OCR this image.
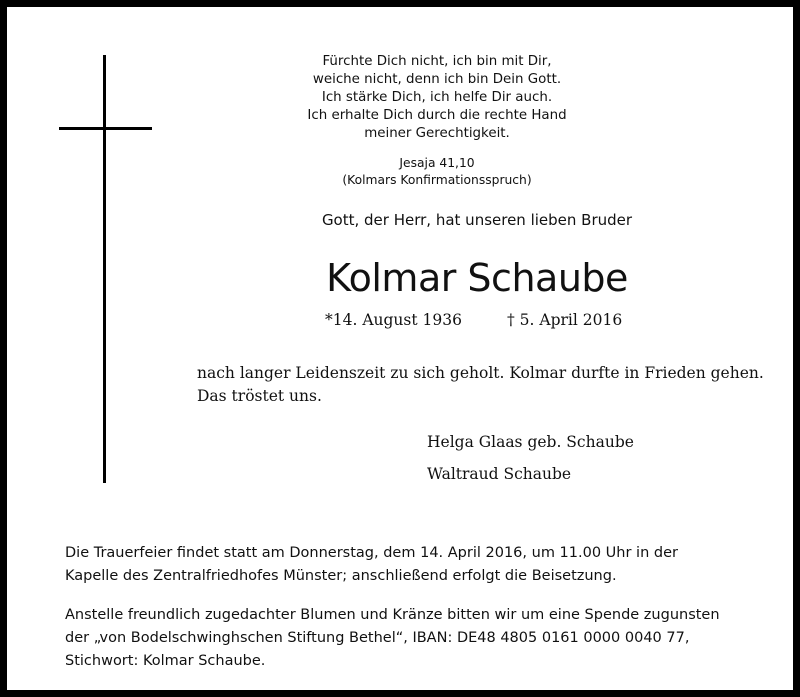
Fürchte Dich nicht, ich bin mit Dir,
weiche nicht, denn ich bin Dein Gott.
Ich stärke Dich, ich helfe Dir auch.
Ich erhalte Dich durch die rechte Hand
meiner Gerechtigkeit.
Jesaja 41,10
(Kolmars Konfirmationsspruch)
Gott, der Herr, hat unseren lieben Bruder
Kolmar Schaube
*14. August 1936	† 5. April 2016
nach langer Leidenszeit zu sich geholt. Kolmar durfte in Frieden gehen.
Das tröstet uns.
Helga Glaas geb. Schaube
Waltraud Schaube
Die Trauerfeier findet statt am Donnerstag, dem 14. April 2016, um 11.00 Uhr in der
Kapelle des Zentralfriedhofes Münster; anschließend erfolgt die Beisetzung.
Anstelle freundlich zugedachter Blumen und Kränze bitten wir um eine Spende zugunsten
der „von Bodelschwinghschen Stiftung Bethel“, IBAN: DE48 4805 0161 0000 0040 77,
Stichwort: Kolmar Schaube.
